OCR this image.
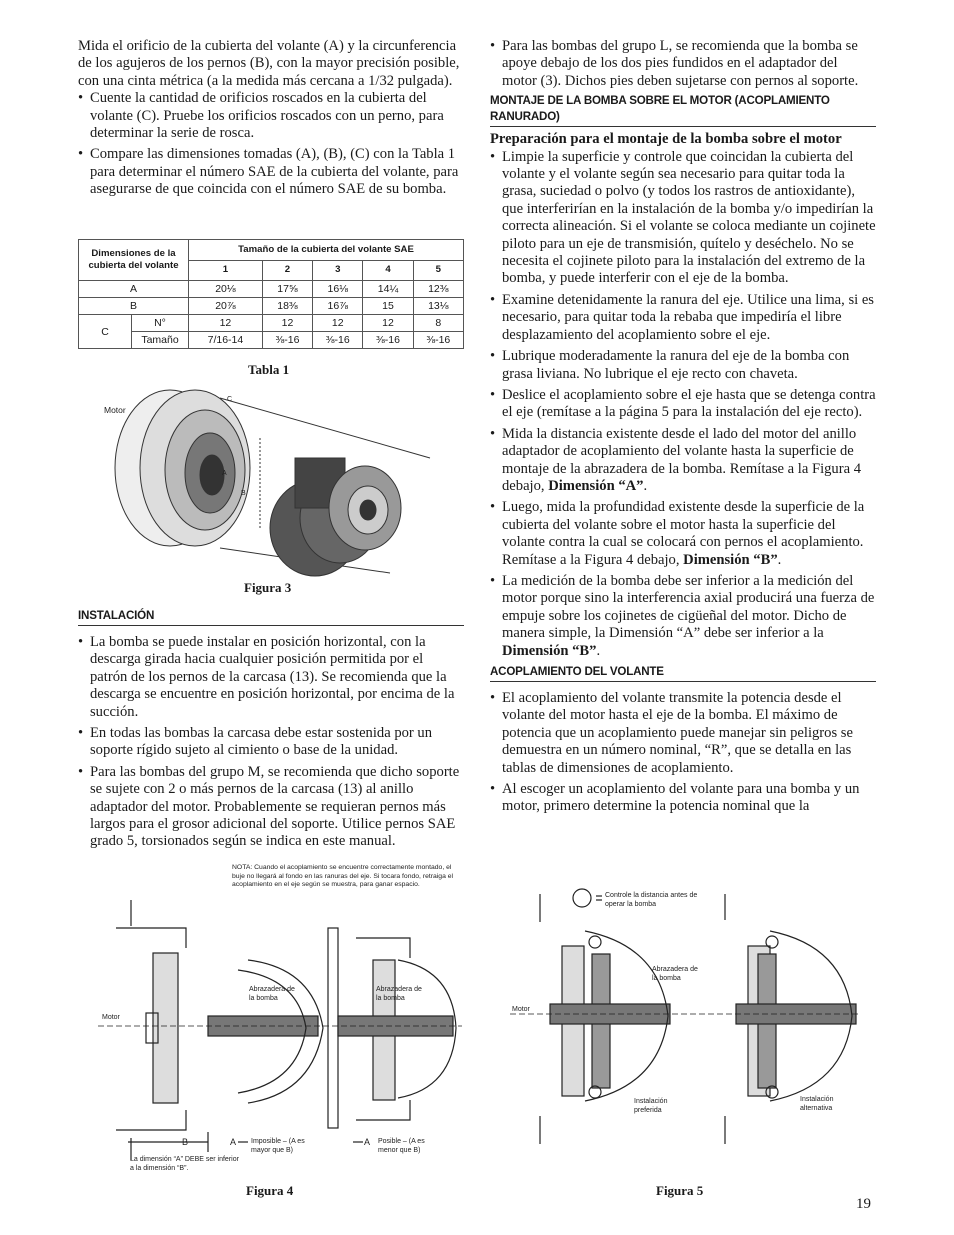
Mida el orificio de la cubierta del volante (A) y la circunferencia de los agujeros de los pernos (B), con la mayor precisión posible, con una cinta métrica (a la medida más cercana a 1/32 pulgada).

• Cuente la cantidad de orificios roscados en la cubierta del volante (C). Pruebe los orificios roscados con un perno, para determinar la serie de rosca.

• Compare las dimensiones tomadas (A), (B), (C) con la Tabla 1 para determinar el número SAE de la cubierta del volante, para asegurarse de que coincida con el número SAE de su bomba.

Dimensiones de la cubierta del volante		Tamaño de la cubierta del volante SAE				
		1	2	3	4	5
A		20⅛	17⅝	16⅛	14¼	12⅜
B		20⅞	18⅜	16⅞	15	13⅛
C	N°	12	12	12	12	8
	Tamaño	7/16-14	⅜-16	⅜-16	⅜-16	⅜-16
Tabla 1
Motor
C
A
B
Figura 3
INSTALACIÓN

• La bomba se puede instalar en posición horizontal, con la descarga girada hacia cualquier posición permitida por el patrón de los pernos de la carcasa (13). Se recomienda que la descarga se encuentre en posición horizontal, por encima de la succión.

• En todas las bombas la carcasa debe estar sostenida por un soporte rígido sujeto al cimiento o base de la unidad.

• Para las bombas del grupo M, se recomienda que dicho soporte se sujete con 2 o más pernos de la carcasa (13) al anillo adaptador del motor. Probablemente se requieran pernos más largos para el grosor adicional del soporte. Utilice pernos SAE grado 5, torsionados según se indica en este manual.

• Para las bombas del grupo L, se recomienda que la bomba se apoye debajo de los dos pies fundidos en el adaptador del motor (3). Dichos pies deben sujetarse con pernos al soporte.

MONTAJE DE LA BOMBA SOBRE EL MOTOR (ACOPLAMIENTO RANURADO)

Preparación para el montaje de la bomba sobre el motor

• Limpie la superficie y controle que coincidan la cubierta del volante y el volante según sea necesario para quitar toda la grasa, suciedad o polvo (y todos los rastros de antioxidante), que interferirían en la instalación de la bomba y/o impedirían la correcta alineación. Si el volante se coloca mediante un cojinete piloto para un eje de transmisión, quítelo y deséchelo. No se necesita el cojinete piloto para la instalación del extremo de la bomba, y puede interferir con el eje de la bomba.

• Examine detenidamente la ranura del eje. Utilice una lima, si es necesario, para quitar toda la rebaba que impediría el libre desplazamiento del acoplamiento sobre el eje.

• Lubrique moderadamente la ranura del eje de la bomba con grasa liviana. No lubrique el eje recto con chaveta.

• Deslice el acoplamiento sobre el eje hasta que se detenga contra el eje (remítase a la página 5 para la instalación del eje recto).

• Mida la distancia existente desde el lado del motor del anillo adaptador de acoplamiento del volante hasta la superficie de montaje de la abrazadera de la bomba. Remítase a la Figura 4 debajo, Dimensión “A”.

• Luego, mida la profundidad existente desde la superficie de la cubierta del volante sobre el motor hasta la superficie del volante contra la cual se colocará con pernos el acoplamiento. Remítase a la Figura 4 debajo, Dimensión “B”.

• La medición de la bomba debe ser inferior a la medición del motor porque sino la interferencia axial producirá una fuerza de empuje sobre los cojinetes de cigüeñal del motor. Dicho de manera simple, la Dimensión “A” debe ser inferior a la Dimensión “B”.

ACOPLAMIENTO DEL VOLANTE

• El acoplamiento del volante transmite la potencia desde el volante del motor hasta el eje de la bomba. El máximo de potencia que un acoplamiento puede manejar sin peligros se demuestra en un número nominal, “R”, que se detalla en las tablas de dimensiones de acoplamiento.

• Al escoger un acoplamiento del volante para una bomba y un motor, primero determine la potencia nominal que la

NOTA: Cuando el acoplamiento se encuentre correctamente montado, el buje no llegará al fondo en las ranuras del eje. Si tocara fondo, retraiga el acoplamiento en el eje según se muestra, para ganar espacio.
Motor
Abrazadera de la bomba
Abrazadera de la bomba
B	A	A
Imposible – (A es mayor que B)
Posible – (A es menor que B)
La dimensión “A” DEBE ser inferior a la dimensión “B”.
Figura 4
Controle la distancia antes de operar la bomba
Motor
Abrazadera de la bomba
Instalación preferida
Instalación alternativa
Figura 5
19
